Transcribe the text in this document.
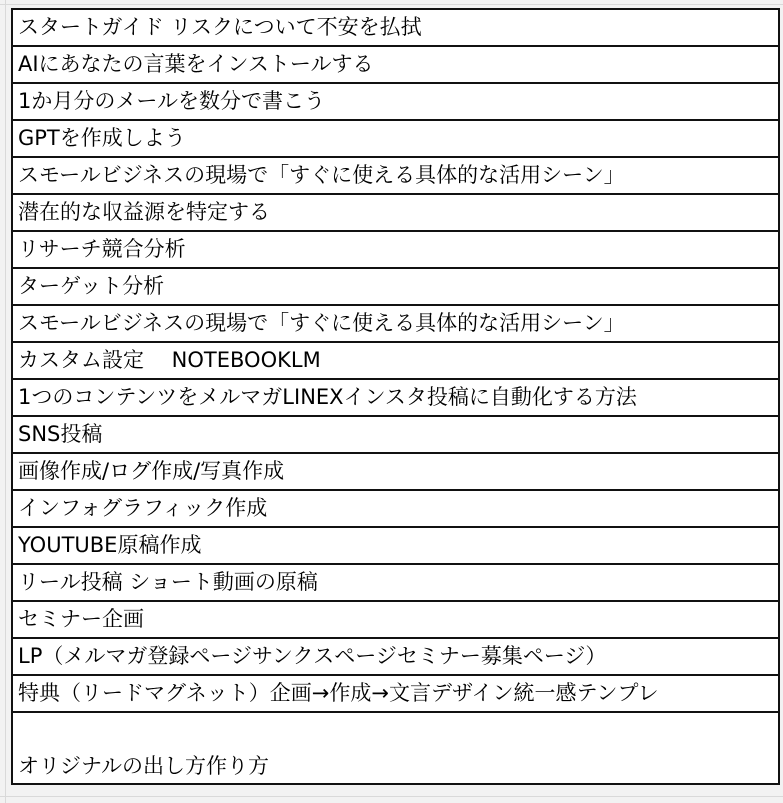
スタートガイド リスクについて不安を払拭
AIにあなたの言葉をインストールする
1か月分のメールを数分で書こう
GPTを作成しよう
スモールビジネスの現場で「すぐに使える具体的な活用シーン」
潜在的な収益源を特定する
リサーチ競合分析
ターゲット分析
スモールビジネスの現場で「すぐに使える具体的な活用シーン」
カスタム設定　 NOTEBOOKLM
1つのコンテンツをメルマガLINEXインスタ投稿に自動化する方法
SNS投稿
画像作成/ログ作成/写真作成
インフォグラフィック作成
YOUTUBE原稿作成
リール投稿 ショート動画の原稿
セミナー企画
LP（メルマガ登録ページサンクスページセミナー募集ページ）
特典（リードマグネット）企画→作成→文言デザイン統一感テンプレ
オリジナルの出し方作り方
